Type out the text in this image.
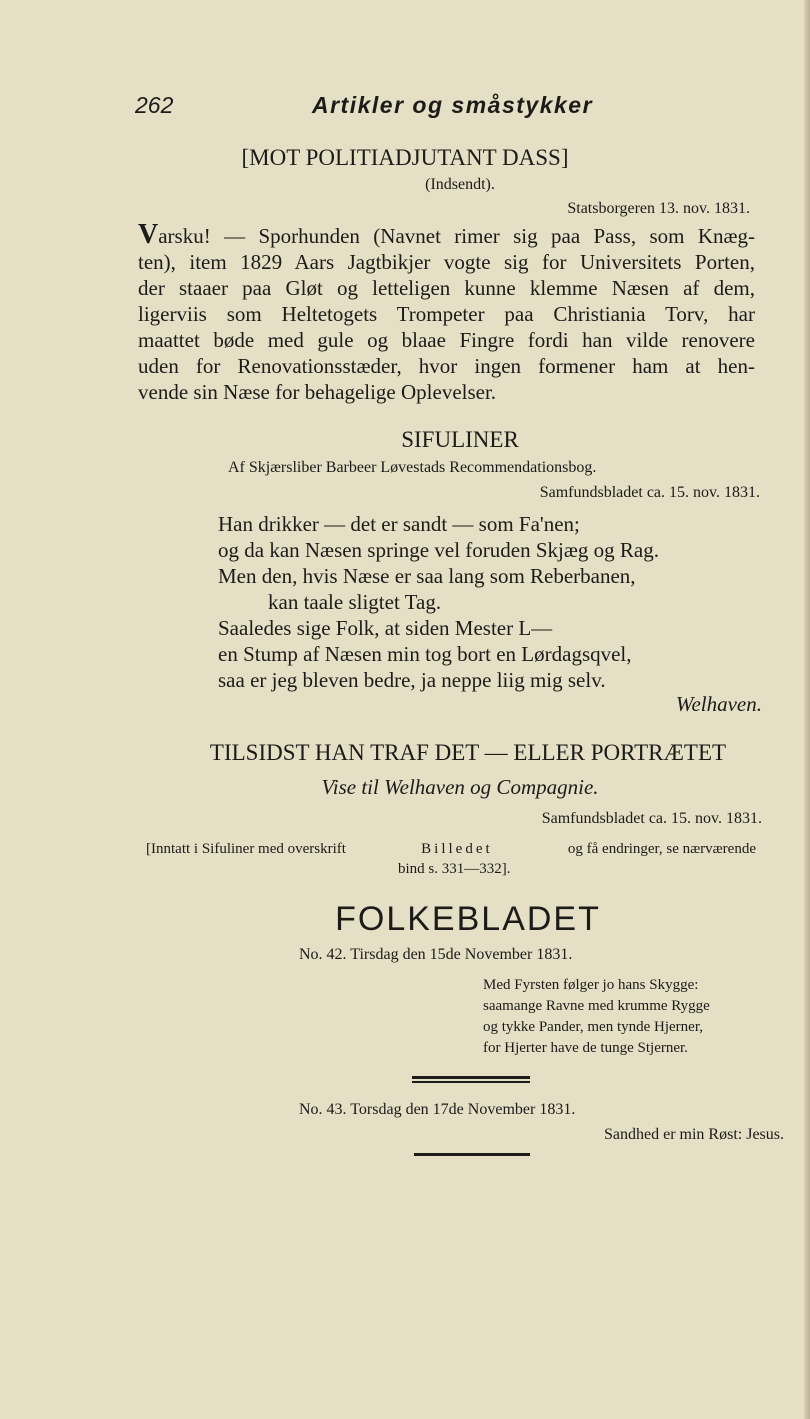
262	Artikler og småstykker
[MOT POLITIADJUTANT DASS]
(Indsendt).
Statsborgeren 13. nov. 1831.
Varsku! — Sporhunden (Navnet rimer sig paa Pass, som Knæg-
ten), item 1829 Aars Jagtbikjer vogte sig for Universitets Porten,
der staaer paa Gløt og letteligen kunne klemme Næsen af dem,
ligerviis som Heltetogets Trompeter paa Christiania Torv, har
maattet bøde med gule og blaae Fingre fordi han vilde renovere
uden for Renovationsstæder, hvor ingen formener ham at hen-
vende sin Næse for behagelige Oplevelser.
SIFULINER
Af Skjærsliber Barbeer Løvestads Recommendationsbog.
Samfundsbladet ca. 15. nov. 1831.
Han drikker — det er sandt — som Fa'nen;
og da kan Næsen springe vel foruden Skjæg og Rag.
Men den, hvis Næse er saa lang som Reberbanen,
kan taale sligtet Tag.
Saaledes sige Folk, at siden Mester L—
en Stump af Næsen min tog bort en Lørdagsqvel,
saa er jeg bleven bedre, ja neppe liig mig selv.
Welhaven.
TILSIDST HAN TRAF DET — ELLER PORTRÆTET
Vise til Welhaven og Compagnie.
Samfundsbladet ca. 15. nov. 1831.
[Inntatt i Sifuliner med overskrift	Billedet	og få endringer, se nærværende
bind s. 331—332].
FOLKEBLADET
No. 42. Tirsdag den 15de November 1831.
Med Fyrsten følger jo hans Skygge:
saamange Ravne med krumme Rygge
og tykke Pander, men tynde Hjerner,
for Hjerter have de tunge Stjerner.
No. 43. Torsdag den 17de November 1831.
Sandhed er min Røst: Jesus.
